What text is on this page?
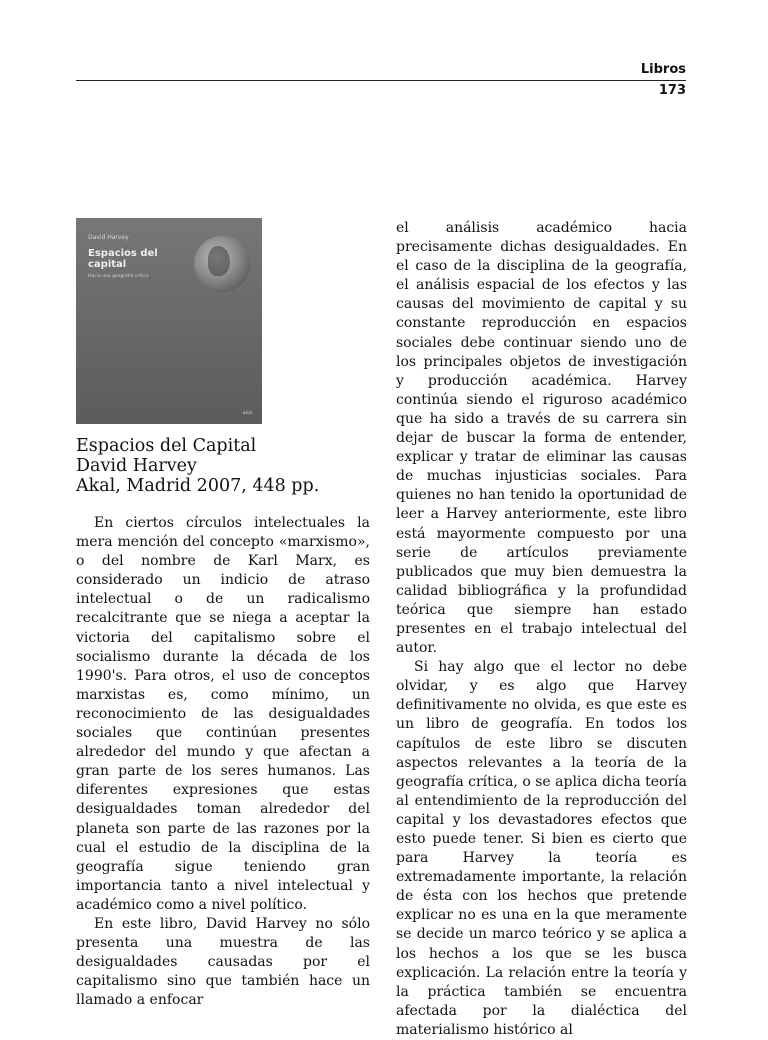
Libros
173
David Harvey
Espacios del capital
Hacia una geografía crítica
akal
Espacios del Capital
David Harvey
Akal, Madrid 2007, 448 pp.

En ciertos círculos intelectuales la mera mención del concepto «marxismo», o del nombre de Karl Marx, es considerado un indicio de atraso intelectual o de un radicalismo recalcitrante que se niega a aceptar la victoria del capitalismo sobre el socialismo durante la década de los 1990's. Para otros, el uso de conceptos marxistas es, como mínimo, un reconocimiento de las desigualdades sociales que continúan presentes alrededor del mundo y que afectan a gran parte de los seres humanos. Las diferentes expresiones que estas desigualdades toman alrededor del planeta son parte de las razones por la cual el estudio de la disciplina de la geografía sigue teniendo gran importancia tanto a nivel intelectual y académico como a nivel político.

En este libro, David Harvey no sólo presenta una muestra de las desigualdades causadas por el capitalismo sino que también hace un llamado a enfocar

el análisis académico hacia precisamente dichas desigualdades. En el caso de la disciplina de la geografía, el análisis espacial de los efectos y las causas del movimiento de capital y su constante reproducción en espacios sociales debe continuar siendo uno de los principales objetos de investigación y producción académica. Harvey continúa siendo el riguroso académico que ha sido a través de su carrera sin dejar de buscar la forma de entender, explicar y tratar de eliminar las causas de muchas injusticias sociales. Para quienes no han tenido la oportunidad de leer a Harvey anteriormente, este libro está mayormente compuesto por una serie de artículos previamente publicados que muy bien demuestra la calidad bibliográfica y la profundidad teórica que siempre han estado presentes en el trabajo intelectual del autor.

Si hay algo que el lector no debe olvidar, y es algo que Harvey definitivamente no olvida, es que este es un libro de geografía. En todos los capítulos de este libro se discuten aspectos relevantes a la teoría de la geografía crítica, o se aplica dicha teoría al entendimiento de la reproducción del capital y los devastadores efectos que esto puede tener. Si bien es cierto que para Harvey la teoría es extremadamente importante, la relación de ésta con los hechos que pretende explicar no es una en la que meramente se decide un marco teórico y se aplica a los hechos a los que se les busca explicación. La relación entre la teoría y la práctica también se encuentra afectada por la dialéctica del materialismo histórico al
